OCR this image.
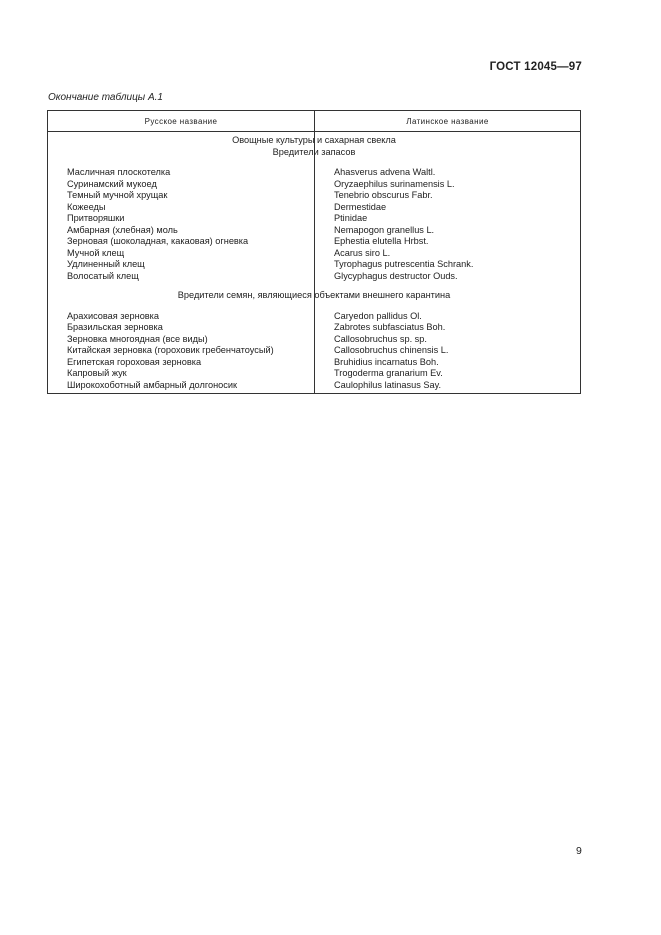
ГОСТ 12045—97
Окончание таблицы А.1
Русское название	Латинское название
Овощные культуры и сахарная свекла
Вредители запасов
Масличная плоскотелка	Ahasverus advena Waltl.
Суринамский мукоед	Oryzaephilus surinamensis L.
Темный мучной хрущак	Tenebrio obscurus Fabr.
Кожееды	Dermestidae
Притворяшки	Ptinidae
Амбарная (хлебная) моль	Nemapogon granellus L.
Зерновая (шоколадная, какаовая) огневка	Ephestia elutella Hrbst.
Мучной клещ	Acarus siro L.
Удлиненный клещ	Tyrophagus putrescentia Schrank.
Волосатый клещ	Glycyphagus destructor Ouds.
Вредители семян, являющиеся объектами внешнего карантина
Арахисовая зерновка	Caryedon pallidus Ol.
Бразильская зерновка	Zabrotes subfasciatus Boh.
Зерновка многоядная (все виды)	Callosobruchus sp. sp.
Китайская зерновка (гороховик гребенчатоусый)	Callosobruchus chinensis L.
Египетская гороховая зерновка	Bruhidius incarnatus Boh.
Капровый жук	Trogoderma granarium Ev.
Широкохоботный амбарный долгоносик	Caulophilus latinasus Say.
9
